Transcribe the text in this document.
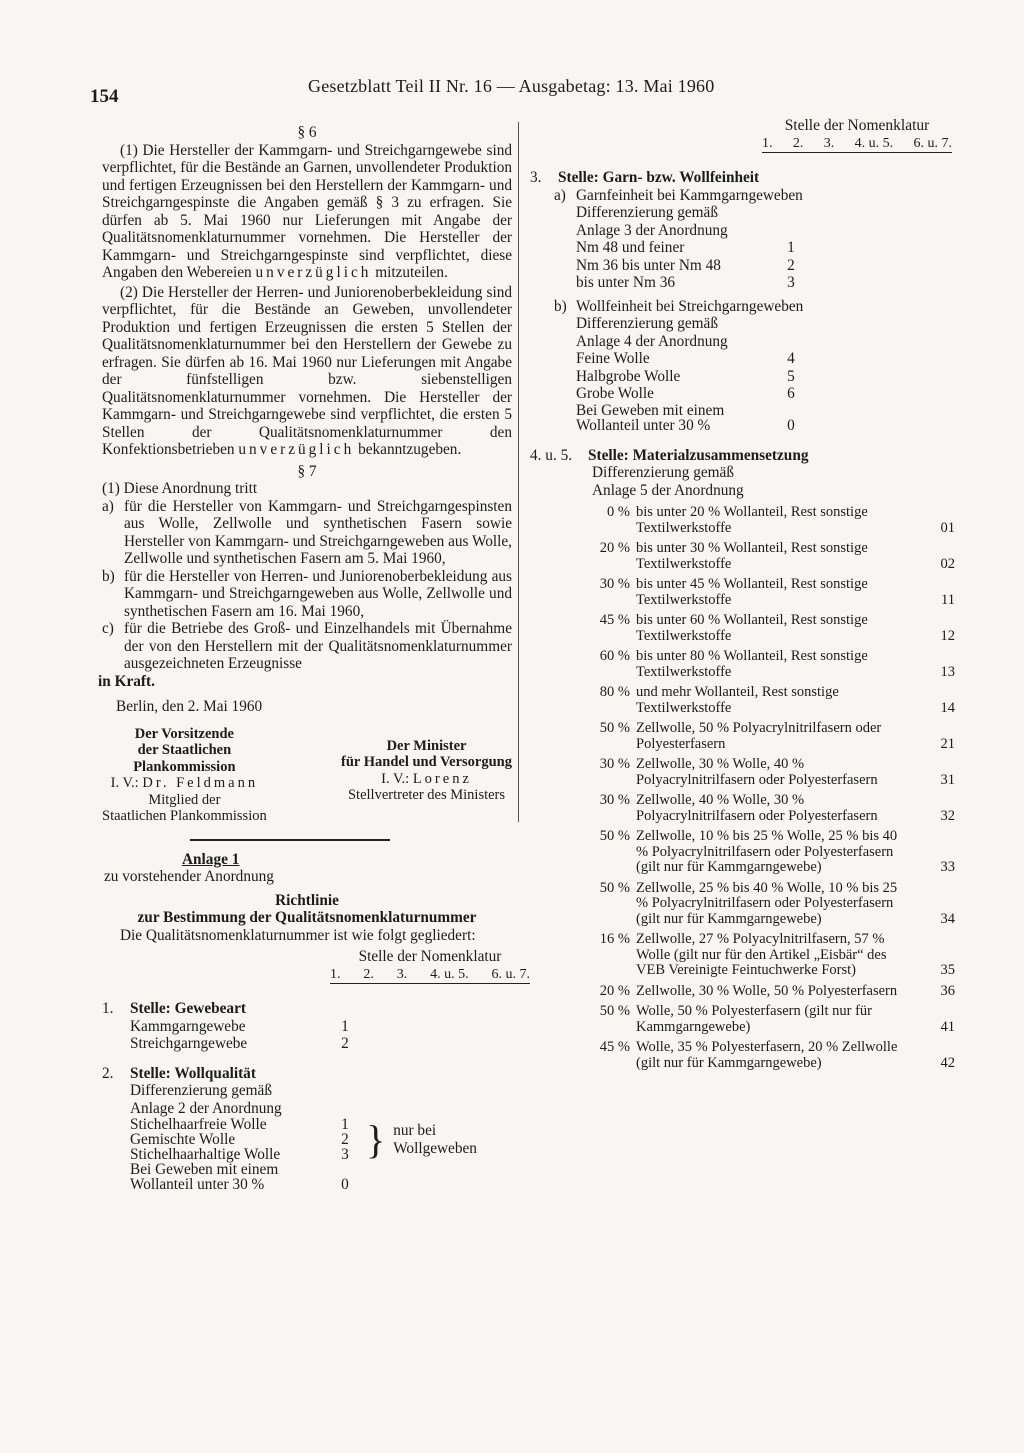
154	Gesetzblatt Teil II Nr. 16 — Ausgabetag: 13. Mai 1960

§ 6

(1) Die Hersteller der Kammgarn- und Streichgarngewebe sind verpflichtet, für die Bestände an Garnen, unvollendeter Produktion und fertigen Erzeugnissen bei den Herstellern der Kammgarn- und Streichgarngespinste die Angaben gemäß § 3 zu erfragen. Sie dürfen ab 5. Mai 1960 nur Lieferungen mit Angabe der Qualitätsnomenklaturnummer vornehmen. Die Hersteller der Kammgarn- und Streichgarngespinste sind verpflichtet, diese Angaben den Webereien unverzüglich mitzuteilen.

(2) Die Hersteller der Herren- und Juniorenoberbekleidung sind verpflichtet, für die Bestände an Geweben, unvollendeter Produktion und fertigen Erzeugnissen die ersten 5 Stellen der Qualitätsnomenklaturnummer bei den Herstellern der Gewebe zu erfragen. Sie dürfen ab 16. Mai 1960 nur Lieferungen mit Angabe der fünfstelligen bzw. siebenstelligen Qualitätsnomenklaturnummer vornehmen. Die Hersteller der Kammgarn- und Streichgarngewebe sind verpflichtet, die ersten 5 Stellen der Qualitätsnomenklaturnummer den Konfektionsbetrieben unverzüglich bekanntzugeben.

§ 7

(1) Diese Anordnung tritt

a) für die Hersteller von Kammgarn- und Streichgarngespinsten aus Wolle, Zellwolle und synthetischen Fasern sowie Hersteller von Kammgarn- und Streichgarngeweben aus Wolle, Zellwolle und synthetischen Fasern am 5. Mai 1960,
b) für die Hersteller von Herren- und Juniorenoberbekleidung aus Kammgarn- und Streichgarngeweben aus Wolle, Zellwolle und synthetischen Fasern am 16. Mai 1960,
c) für die Betriebe des Groß- und Einzelhandels mit Übernahme der von den Herstellern mit der Qualitätsnomenklaturnummer ausgezeichneten Erzeugnisse

in Kraft.

Berlin, den 2. Mai 1960

Der Vorsitzende
der Staatlichen
Plankommission
I. V.: Dr. Feldmann
Mitglied der
Staatlichen Plankommission
Der Minister
für Handel und Versorgung
I. V.: Lorenz
Stellvertreter des Ministers

Anlage 1

zu vorstehender Anordnung

Richtlinie

zur Bestimmung der Qualitätsnomenklaturnummer

Die Qualitätsnomenklaturnummer ist wie folgt gegliedert:

Stelle der Nomenklatur
1. 2. 3. 4. u. 5. 6. u. 7.
1.	Stelle: Gewebeart
Kammgarngewebe	1
Streichgarngewebe	2
2.	Stelle: Wollqualität
Differenzierung gemäß
Anlage 2 der Anordnung
Stichelhaarfreie Wolle	1
Gemischte Wolle	2
Stichelhaarhaltige Wolle	3 } nur bei
Wollgeweben
Bei Geweben mit einem
Wollanteil unter 30 %	0
Stelle der Nomenklatur
1. 2. 3. 4. u. 5. 6. u. 7.
3.	Stelle: Garn- bzw. Wollfeinheit
a) Garnfeinheit bei Kammgarngeweben
Differenzierung gemäß
Anlage 3 der Anordnung
Nm 48 und feiner	1
Nm 36 bis unter Nm 48	2
bis unter Nm 36	3
b) Wollfeinheit bei Streichgarngeweben
Differenzierung gemäß
Anlage 4 der Anordnung
Feine Wolle	4
Halbgrobe Wolle	5
Grobe Wolle	6
Bei Geweben mit einem
Wollanteil unter 30 %	0
4. u. 5.	Stelle: Materialzusammensetzung
Differenzierung gemäß
Anlage 5 der Anordnung
0 % bis unter 20 % Wollanteil, Rest sonstige Textilwerkstoffe	01
20 % bis unter 30 % Wollanteil, Rest sonstige Textilwerkstoffe	02
30 % bis unter 45 % Wollanteil, Rest sonstige Textilwerkstoffe	11
45 % bis unter 60 % Wollanteil, Rest sonstige Textilwerkstoffe	12
60 % bis unter 80 % Wollanteil, Rest sonstige Textilwerkstoffe	13
80 % und mehr Wollanteil, Rest sonstige Textilwerkstoffe	14
50 % Zellwolle, 50 % Polyacrylnitrilfasern oder Polyesterfasern	21
30 % Zellwolle, 30 % Wolle, 40 % Polyacrylnitrilfasern oder Polyesterfasern	31
30 % Zellwolle, 40 % Wolle, 30 % Polyacrylnitrilfasern oder Polyesterfasern	32
50 % Zellwolle, 10 % bis 25 % Wolle, 25 % bis 40 % Polyacrylnitrilfasern oder Polyesterfasern (gilt nur für Kammgarngewebe)	33
50 % Zellwolle, 25 % bis 40 % Wolle, 10 % bis 25 % Polyacrylnitrilfasern oder Polyesterfasern (gilt nur für Kammgarngewebe)	34
16 % Zellwolle, 27 % Polyacylnitrilfasern, 57 % Wolle (gilt nur für den Artikel „Eisbär“ des VEB Vereinigte Feintuchwerke Forst)	35
20 % Zellwolle, 30 % Wolle, 50 % Polyesterfasern	36
50 % Wolle, 50 % Polyesterfasern (gilt nur für Kammgarngewebe)	41
45 % Wolle, 35 % Polyesterfasern, 20 % Zellwolle (gilt nur für Kammgarngewebe)	42
